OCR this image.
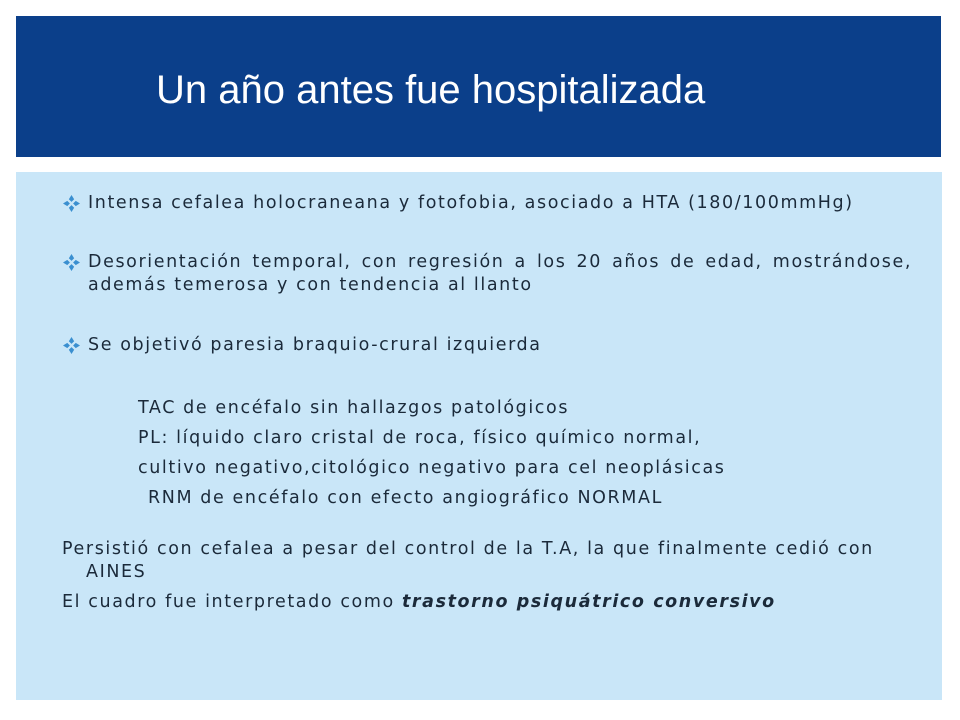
Un año antes fue hospitalizada
Intensa cefalea holocraneana y fotofobia, asociado a HTA (180/100mmHg)
Desorientación temporal, con regresión a los 20 años de edad, mostrándose, además temerosa y con tendencia al llanto
Se objetivó paresia braquio-crural izquierda
TAC de encéfalo sin hallazgos patológicos
PL: líquido claro cristal de roca, físico químico normal,
cultivo negativo,citológico negativo para cel neoplásicas
RNM de encéfalo con efecto angiográfico NORMAL
Persistió con cefalea a pesar del control de la T.A, la que finalmente cedió con AINES
El cuadro fue interpretado como trastorno psiquátrico conversivo
